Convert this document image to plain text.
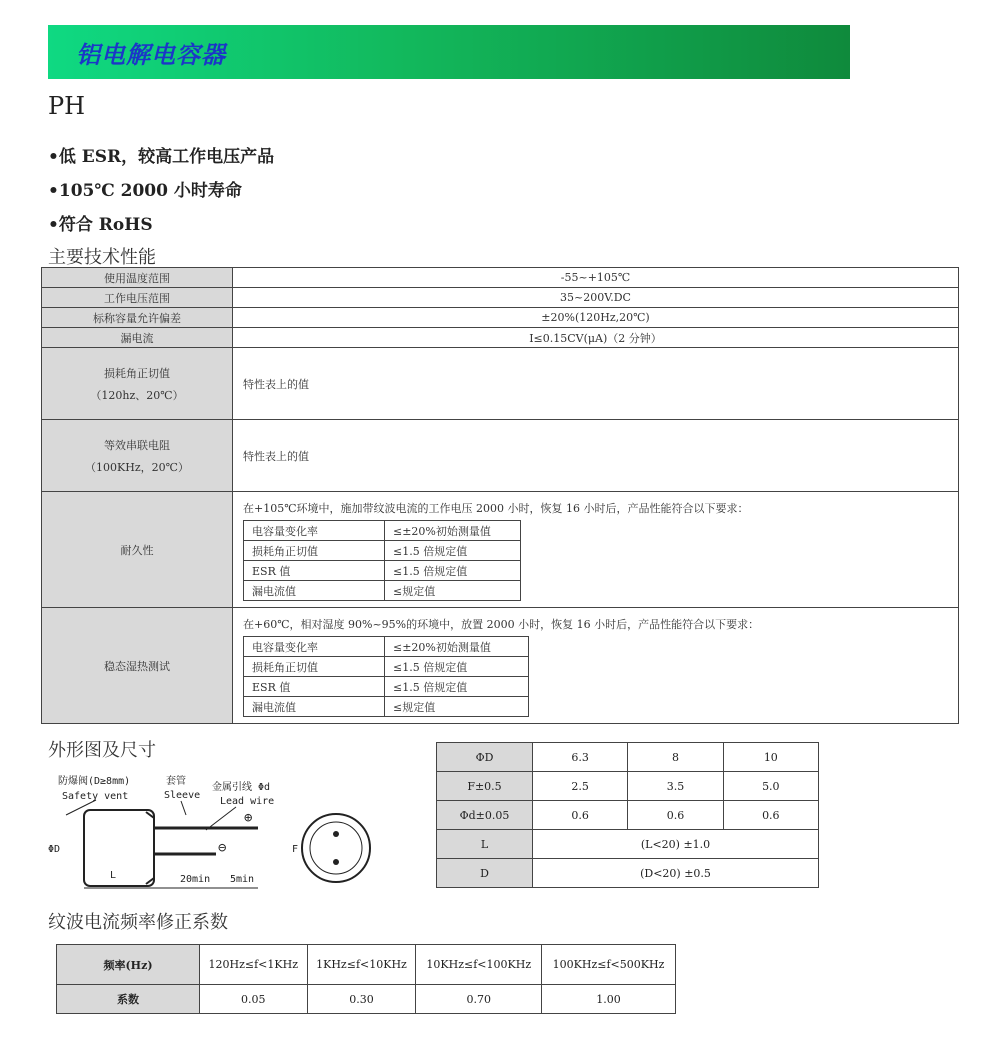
铝电解电容器
PH
•低 ESR，较高工作电压产品
•105℃ 2000 小时寿命
•符合 RoHS
主要技术性能
使用温度范围	-55~+105℃
工作电压范围	35~200V.DC
标称容量允许偏差	±20%(120Hz,20℃)
漏电流	I≤0.15CV(μA)（2 分钟）

损耗角正切值
（120hz、20℃）
	特性表上的值

等效串联电阻
（100KHz，20℃）
	特性表上的值
耐久性	
在+105℃环境中，施加带纹波电流的工作电压 2000 小时，恢复 16 小时后，产品性能符合以下要求：
电容量变化率	≤±20%初始测量值
损耗角正切值	≤1.5 倍规定值
ESR 值	≤1.5 倍规定值
漏电流值	≤规定值

稳态湿热测试	
在+60℃，相对湿度 90%~95%的环境中，放置 2000 小时，恢复 16 小时后，产品性能符合以下要求：
电容量变化率	≤±20%初始测量值
损耗角正切值	≤1.5 倍规定值
ESR 值	≤1.5 倍规定值
漏电流值	≤规定值
外形图及尺寸
防爆阀(D≥8mm)
Safety vent
套管
Sleeve
金属引线 Φd
Lead wire
⊕
⊖
ΦD
L	20min 5min
F
ΦD	6.3	8	10
F±0.5	2.5	3.5	5.0
Φd±0.05	0.6	0.6	0.6
L	(L<20) ±1.0		
D	(D<20) ±0.5		
纹波电流频率修正系数
频率(Hz)	120Hz≤f<1KHz	1KHz≤f<10KHz	10KHz≤f<100KHz	100KHz≤f<500KHz
系数	0.05	0.30	0.70	1.00
